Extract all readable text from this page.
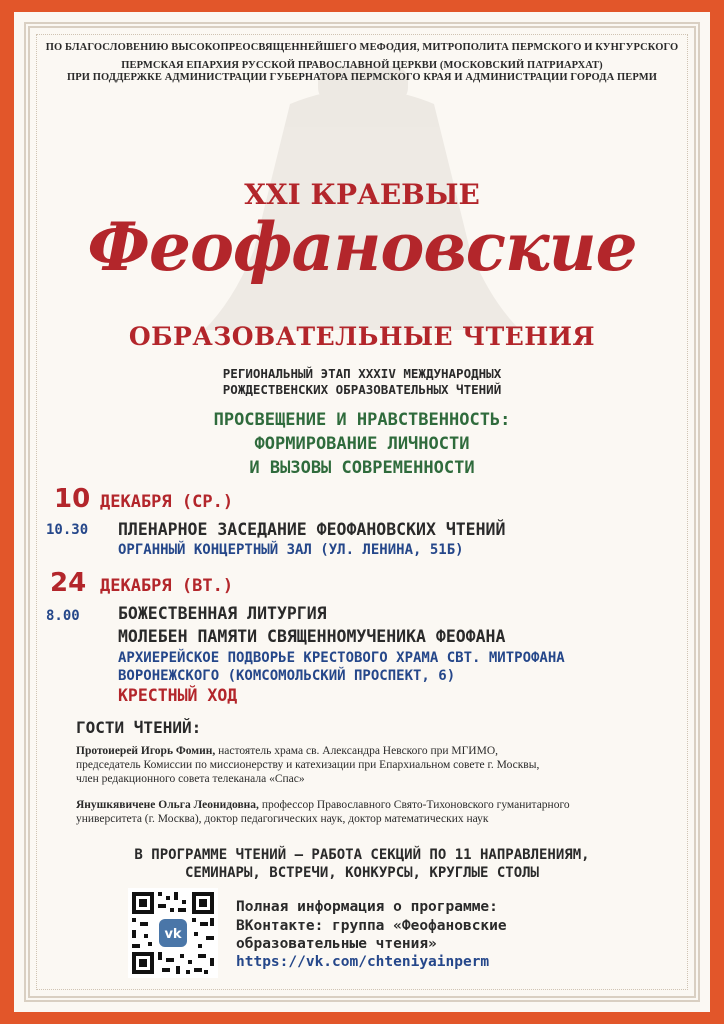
ПО БЛАГОСЛОВЕНИЮ ВЫСОКОПРЕОСВЯЩЕННЕЙШЕГО МЕФОДИЯ, МИТРОПОЛИТА ПЕРМСКОГО И КУНГУРСКОГО
ПЕРМСКАЯ ЕПАРХИЯ РУССКОЙ ПРАВОСЛАВНОЙ ЦЕРКВИ (МОСКОВСКИЙ ПАТРИАРХАТ)
ПРИ ПОДДЕРЖКЕ АДМИНИСТРАЦИИ ГУБЕРНАТОРА ПЕРМСКОГО КРАЯ И АДМИНИСТРАЦИИ ГОРОДА ПЕРМИ
XXI КРАЕВЫЕ
Феофановские
ОБРАЗОВАТЕЛЬНЫЕ ЧТЕНИЯ
РЕГИОНАЛЬНЫЙ ЭТАП XXXIV МЕЖДУНАРОДНЫХ
РОЖДЕСТВЕНСКИХ ОБРАЗОВАТЕЛЬНЫХ ЧТЕНИЙ
ПРОСВЕЩЕНИЕ И НРАВСТВЕННОСТЬ:
ФОРМИРОВАНИЕ ЛИЧНОСТИ
И ВЫЗОВЫ СОВРЕМЕННОСТИ
10 ДЕКАБРЯ (СР.)
10.30 ПЛЕНАРНОЕ ЗАСЕДАНИЕ ФЕОФАНОВСКИХ ЧТЕНИЙ
ОРГАННЫЙ КОНЦЕРТНЫЙ ЗАЛ (УЛ. ЛЕНИНА, 51Б)
24 ДЕКАБРЯ (ВТ.)
8.00 БОЖЕСТВЕННАЯ ЛИТУРГИЯ
МОЛЕБЕН ПАМЯТИ СВЯЩЕННОМУЧЕНИКА ФЕОФАНА
АРХИЕРЕЙСКОЕ ПОДВОРЬЕ КРЕСТОВОГО ХРАМА СВТ. МИТРОФАНА
ВОРОНЕЖСКОГО (КОМСОМОЛЬСКИЙ ПРОСПЕКТ, 6)
КРЕСТНЫЙ ХОД
ГОСТИ ЧТЕНИЙ:
Протоиерей Игорь Фомин, настоятель храма св. Александра Невского при МГИМО,
председатель Комиссии по миссионерству и катехизации при Епархиальном совете г. Москвы,
член редакционного совета телеканала «Спас»
Янушкявичене Ольга Леонидовна, профессор Православного Свято-Тихоновского гуманитарного
университета (г. Москва), доктор педагогических наук, доктор математических наук
В ПРОГРАММЕ ЧТЕНИЙ – РАБОТА СЕКЦИЙ ПО 11 НАПРАВЛЕНИЯМ,
СЕМИНАРЫ, ВСТРЕЧИ, КОНКУРСЫ, КРУГЛЫЕ СТОЛЫ
vk
Полная информация о программе:
ВКонтакте: группа «Феофановские
образовательные чтения»
https://vk.com/chteniyainperm
